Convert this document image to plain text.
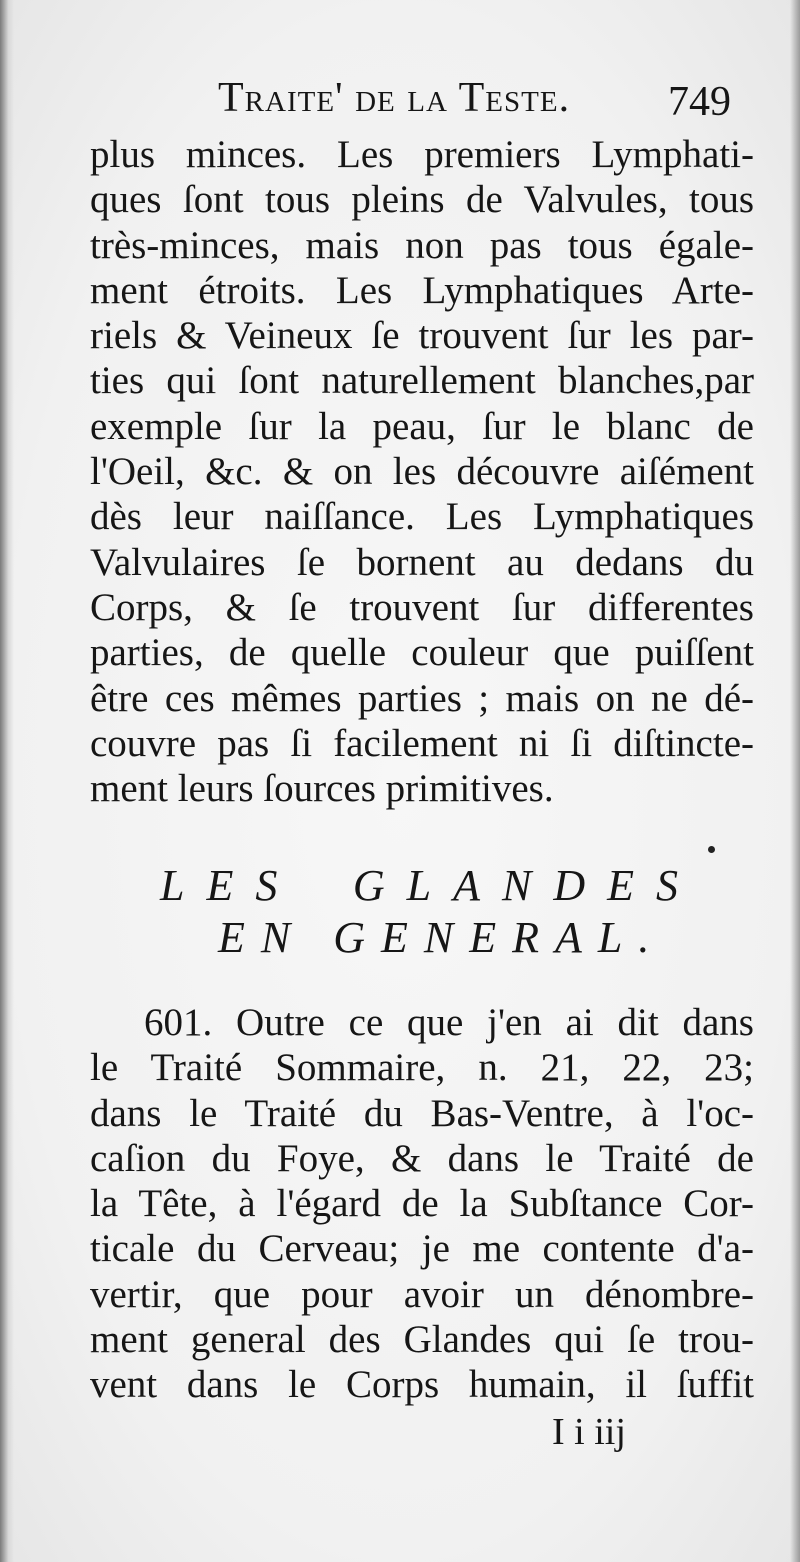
Traite' de la Teste. 749
plus minces. Les premiers Lymphati-
ques ſont tous pleins de Valvules, tous
très-minces, mais non pas tous égale-
ment étroits. Les Lymphatiques Arte-
riels & Veineux ſe trouvent ſur les par-
ties qui ſont naturellement blanches,par
exemple ſur la peau, ſur le blanc de
l'Oeil, &c. & on les découvre aiſément
dès leur naiſſance. Les Lymphatiques
Valvulaires ſe bornent au dedans du
Corps, & ſe trouvent ſur differentes
parties, de quelle couleur que puiſſent
être ces mêmes parties ; mais on ne dé-
couvre pas ſi facilement ni ſi diſtincte-
ment leurs ſources primitives.
LES GLANDES
EN GENERAL.
601. Outre ce que j'en ai dit dans
le Traité Sommaire, n. 21, 22, 23;
dans le Traité du Bas-Ventre, à l'oc-
caſion du Foye, & dans le Traité de
la Tête, à l'égard de la Subſtance Cor-
ticale du Cerveau; je me contente d'a-
vertir, que pour avoir un dénombre-
ment general des Glandes qui ſe trou-
vent dans le Corps humain, il ſuffit
I i iij
